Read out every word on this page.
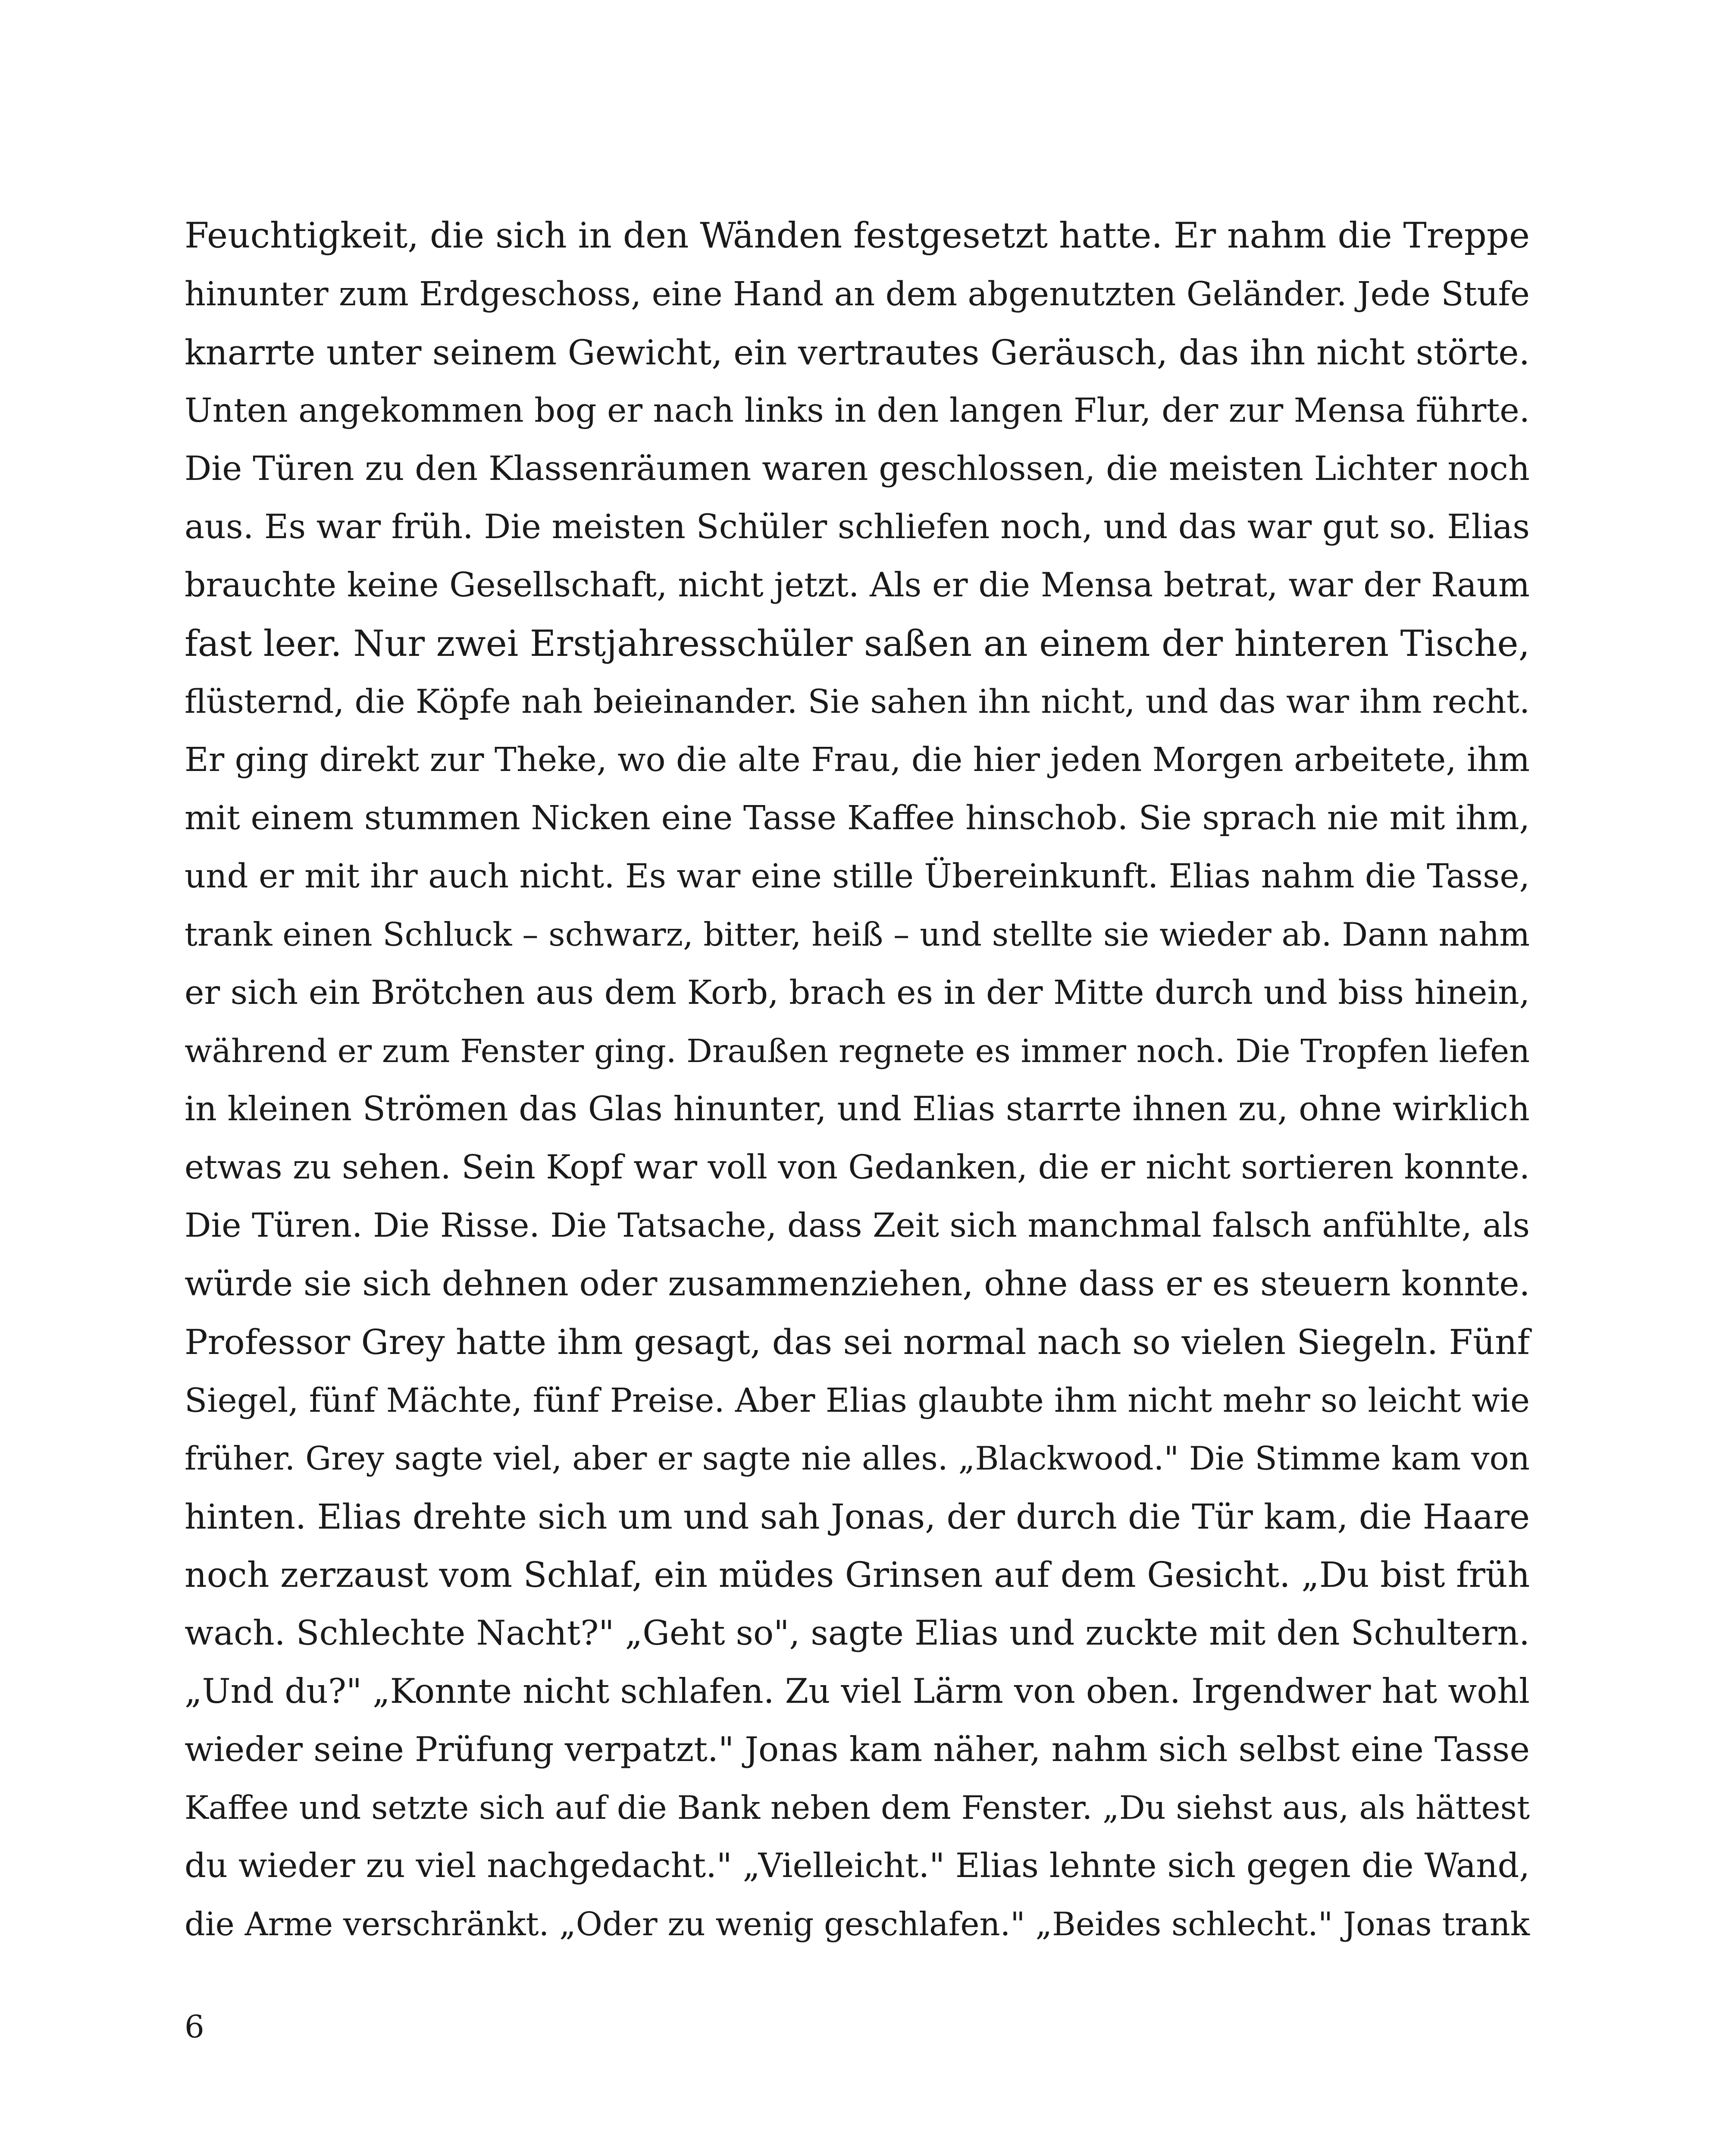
Feuchtigkeit, die sich in den Wänden festgesetzt hatte. Er nahm die Treppe
hinunter zum Erdgeschoss, eine Hand an dem abgenutzten Geländer. Jede Stufe
knarrte unter seinem Gewicht, ein vertrautes Geräusch, das ihn nicht störte.
Unten angekommen bog er nach links in den langen Flur, der zur Mensa führte.
Die Türen zu den Klassenräumen waren geschlossen, die meisten Lichter noch
aus. Es war früh. Die meisten Schüler schliefen noch, und das war gut so. Elias
brauchte keine Gesellschaft, nicht jetzt. Als er die Mensa betrat, war der Raum
fast leer. Nur zwei Erstjahresschüler saßen an einem der hinteren Tische,
flüsternd, die Köpfe nah beieinander. Sie sahen ihn nicht, und das war ihm recht.
Er ging direkt zur Theke, wo die alte Frau, die hier jeden Morgen arbeitete, ihm
mit einem stummen Nicken eine Tasse Kaffee hinschob. Sie sprach nie mit ihm,
und er mit ihr auch nicht. Es war eine stille Übereinkunft. Elias nahm die Tasse,
trank einen Schluck – schwarz, bitter, heiß – und stellte sie wieder ab. Dann nahm
er sich ein Brötchen aus dem Korb, brach es in der Mitte durch und biss hinein,
während er zum Fenster ging. Draußen regnete es immer noch. Die Tropfen liefen
in kleinen Strömen das Glas hinunter, und Elias starrte ihnen zu, ohne wirklich
etwas zu sehen. Sein Kopf war voll von Gedanken, die er nicht sortieren konnte.
Die Türen. Die Risse. Die Tatsache, dass Zeit sich manchmal falsch anfühlte, als
würde sie sich dehnen oder zusammenziehen, ohne dass er es steuern konnte.
Professor Grey hatte ihm gesagt, das sei normal nach so vielen Siegeln. Fünf
Siegel, fünf Mächte, fünf Preise. Aber Elias glaubte ihm nicht mehr so leicht wie
früher. Grey sagte viel, aber er sagte nie alles. „Blackwood." Die Stimme kam von
hinten. Elias drehte sich um und sah Jonas, der durch die Tür kam, die Haare
noch zerzaust vom Schlaf, ein müdes Grinsen auf dem Gesicht. „Du bist früh
wach. Schlechte Nacht?" „Geht so", sagte Elias und zuckte mit den Schultern.
„Und du?" „Konnte nicht schlafen. Zu viel Lärm von oben. Irgendwer hat wohl
wieder seine Prüfung verpatzt." Jonas kam näher, nahm sich selbst eine Tasse
Kaffee und setzte sich auf die Bank neben dem Fenster. „Du siehst aus, als hättest
du wieder zu viel nachgedacht." „Vielleicht." Elias lehnte sich gegen die Wand,
die Arme verschränkt. „Oder zu wenig geschlafen." „Beides schlecht." Jonas trank
6
